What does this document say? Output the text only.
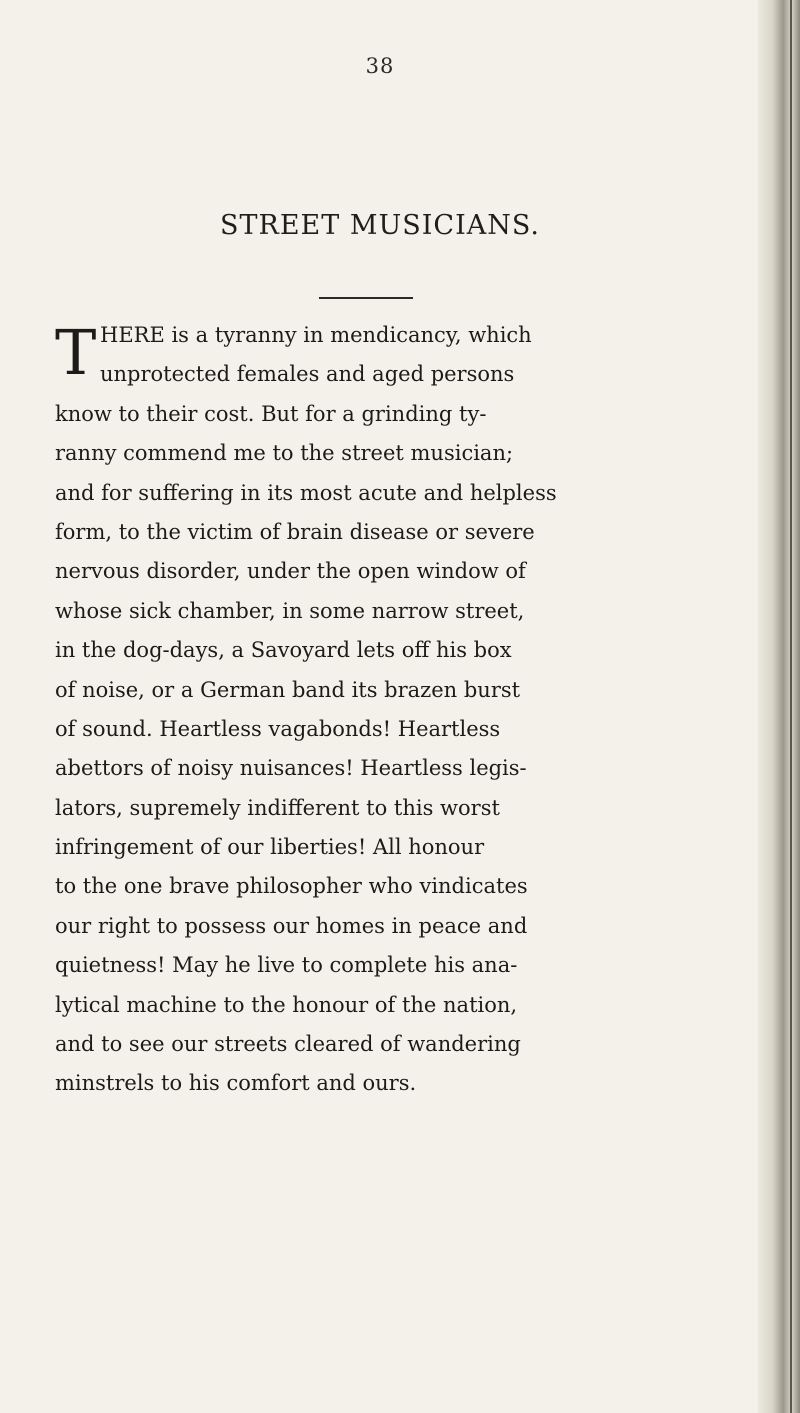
38
STREET MUSICIANS.
T HERE is a tyranny in mendicancy, which
unprotected females and aged persons
know to their cost. But for a grinding ty-
ranny commend me to the street musician;
and for suffering in its most acute and helpless
form, to the victim of brain disease or severe
nervous disorder, under the open window of
whose sick chamber, in some narrow street,
in the dog-days, a Savoyard lets off his box
of noise, or a German band its brazen burst
of sound. Heartless vagabonds! Heartless
abettors of noisy nuisances! Heartless legis-
lators, supremely indifferent to this worst
infringement of our liberties! All honour
to the one brave philosopher who vindicates
our right to possess our homes in peace and
quietness! May he live to complete his ana-
lytical machine to the honour of the nation,
and to see our streets cleared of wandering
minstrels to his comfort and ours.
